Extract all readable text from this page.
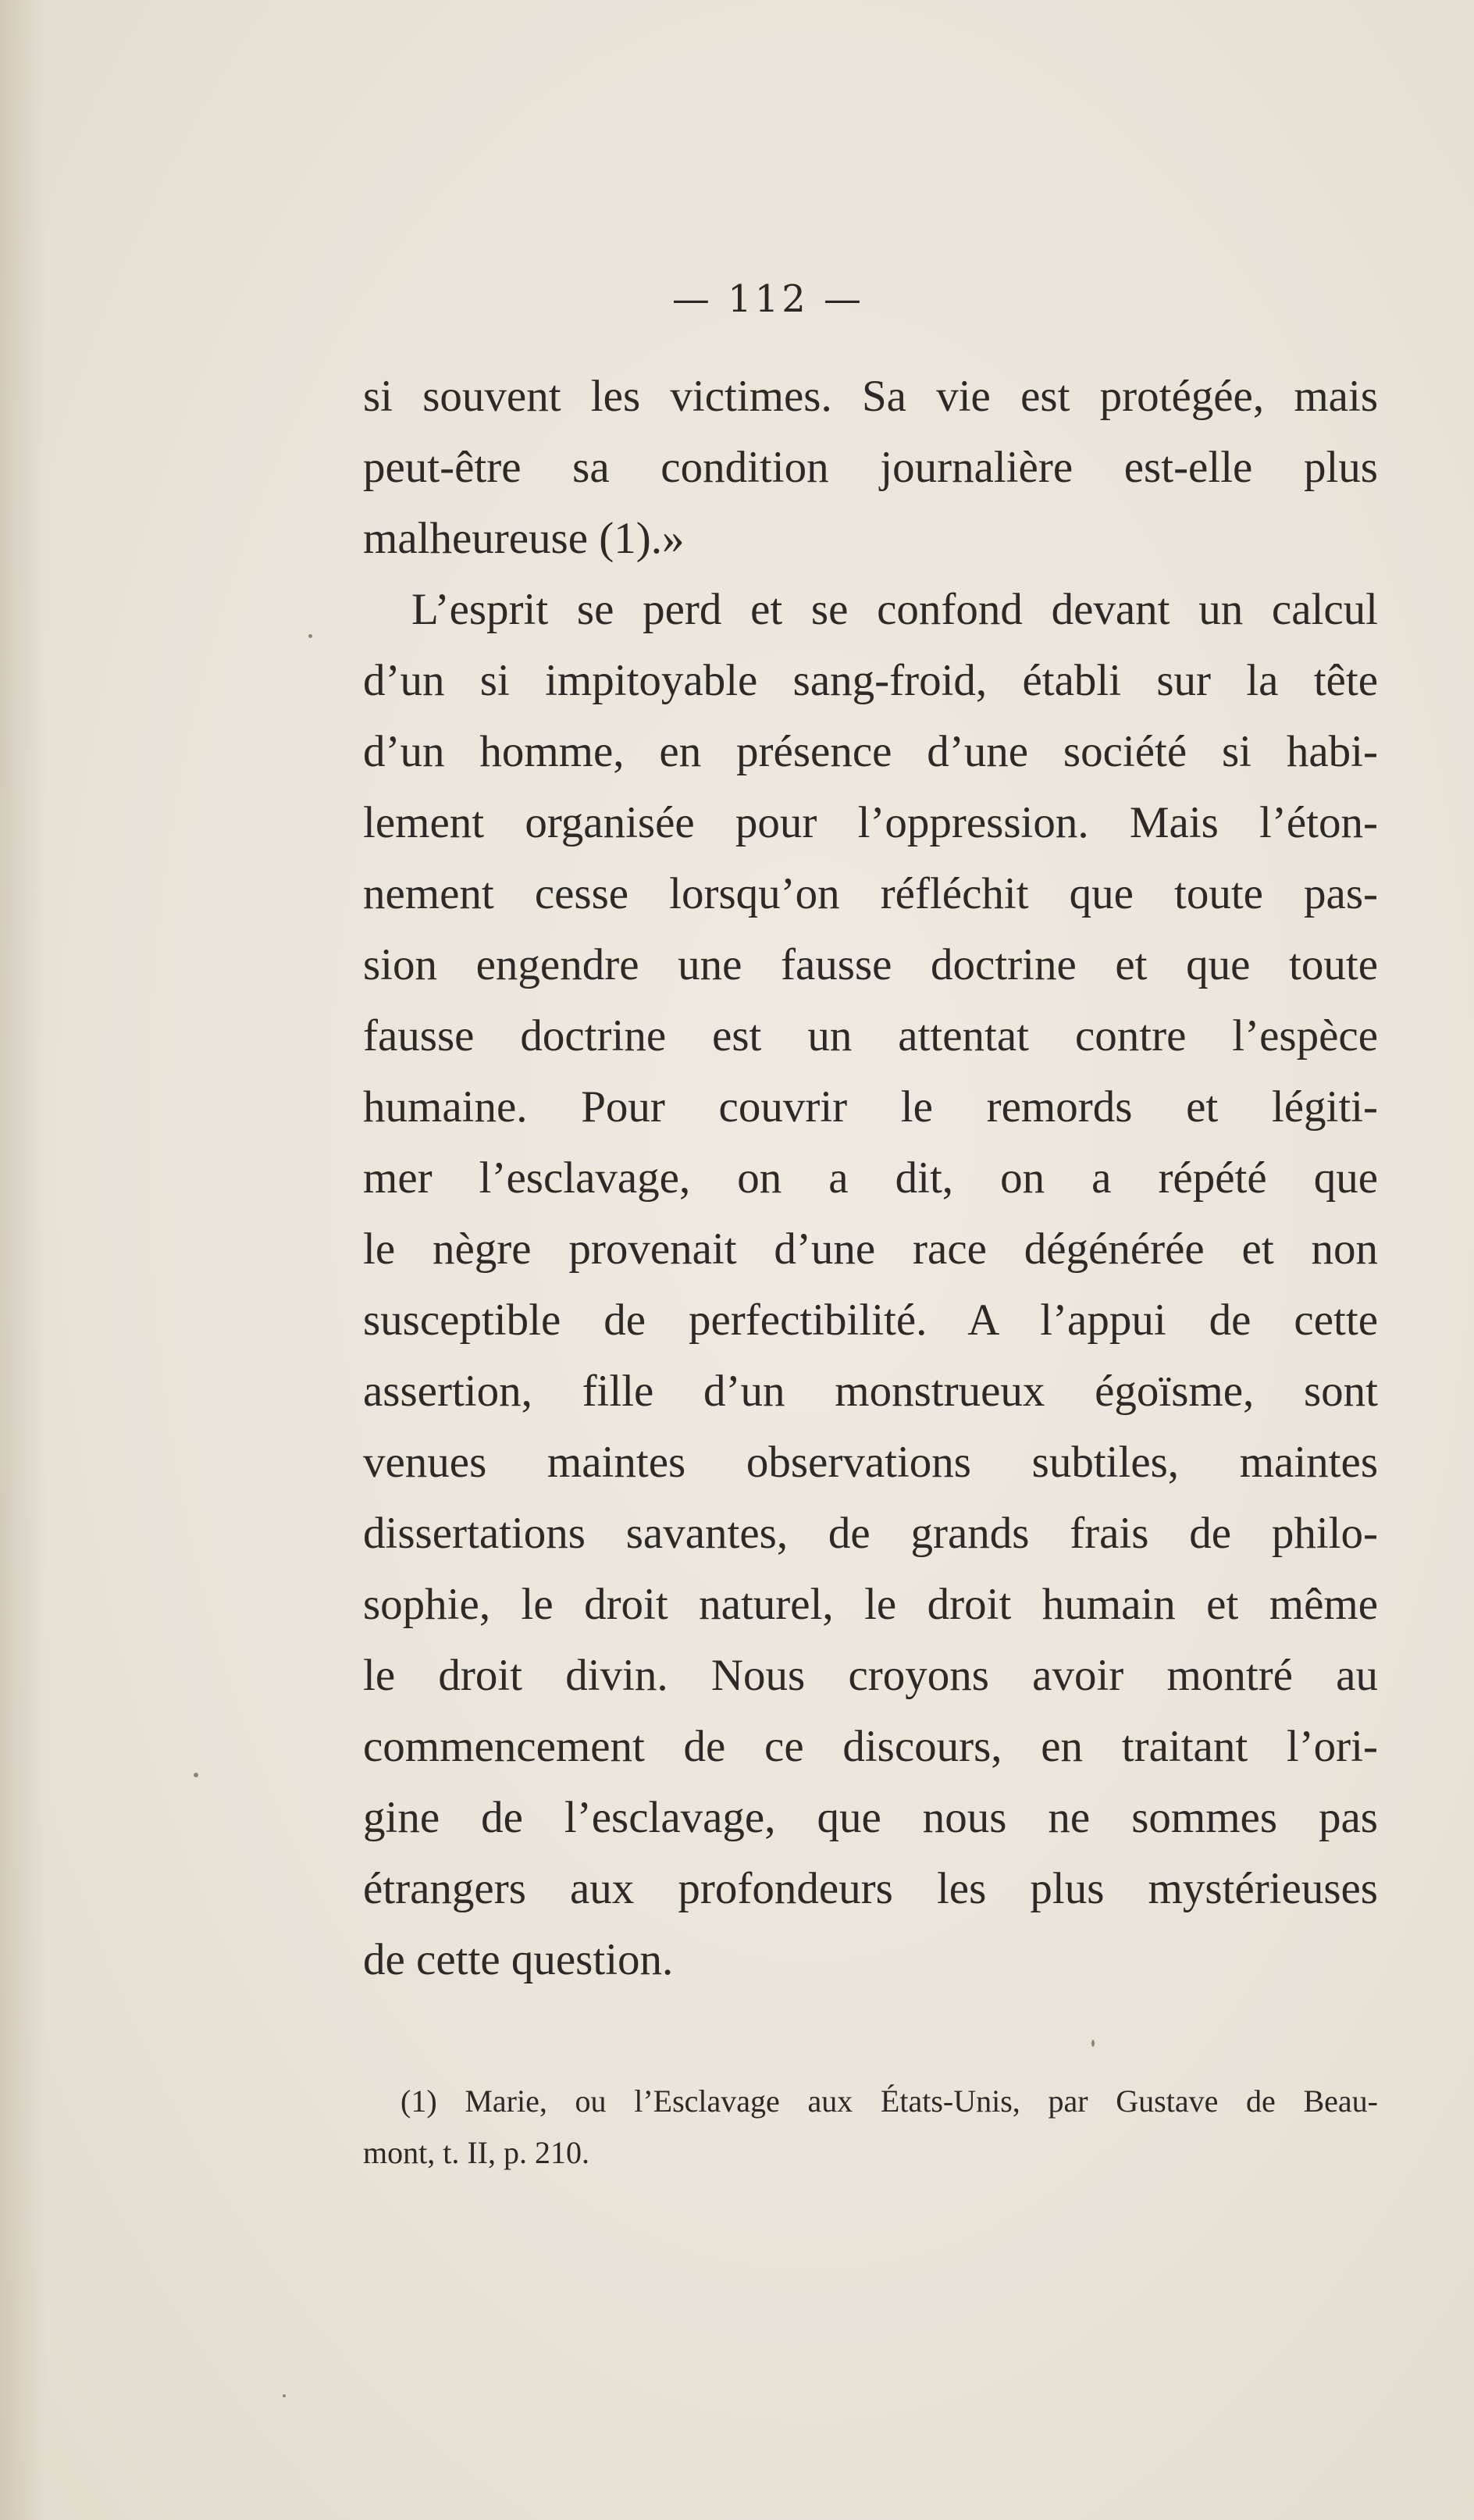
— 112 —
si souvent les victimes. Sa vie est protégée, mais
peut-être sa condition journalière est-elle plus
malheureuse (1).»
L’esprit se perd et se confond devant un calcul
d’un si impitoyable sang-froid, établi sur la tête
d’un homme, en présence d’une société si habi-
lement organisée pour l’oppression. Mais l’éton-
nement cesse lorsqu’on réfléchit que toute pas-
sion engendre une fausse doctrine et que toute
fausse doctrine est un attentat contre l’espèce
humaine. Pour couvrir le remords et légiti-
mer l’esclavage, on a dit, on a répété que
le nègre provenait d’une race dégénérée et non
susceptible de perfectibilité. A l’appui de cette
assertion, fille d’un monstrueux égoïsme, sont
venues maintes observations subtiles, maintes
dissertations savantes, de grands frais de philo-
sophie, le droit naturel, le droit humain et même
le droit divin. Nous croyons avoir montré au
commencement de ce discours, en traitant l’ori-
gine de l’esclavage, que nous ne sommes pas
étrangers aux profondeurs les plus mystérieuses
de cette question.
(1) Marie, ou l’Esclavage aux États-Unis, par Gustave de Beau-
mont, t. II, p. 210.
